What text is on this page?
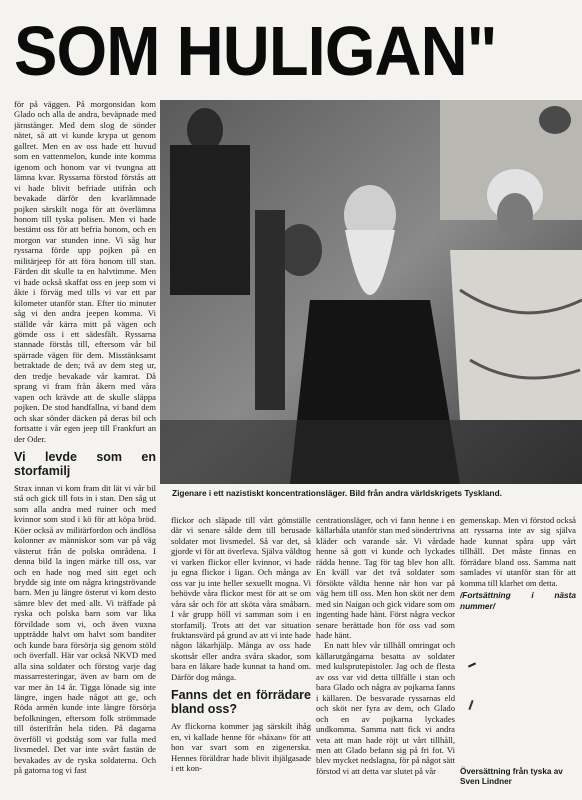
SOM HULIGAN"

för på väggen. På morgonsidan kom Glado och alla de andra, beväpnade med järnstänger. Med dem slog de sönder nätet, så att vi kunde krypa ut genom gallret. Men en av oss hade ett huvud som en vattenmelon, kunde inte komma igenom och honom var vi tvungna att lämna kvar. Ryssarna förstod förstås att vi hade blivit befriade utifrån och bevakade därför den kvarlämnade pojken särskilt noga för att överlämna honom till tyska polisen. Men vi hade bestämt oss för att befria honom, och en morgon var stunden inne. Vi såg hur ryssarna förde upp pojken på en militärjeep för att föra honom till stan. Färden dit skulle ta en halvtimme. Men vi hade också skaffat oss en jeep som vi åkte i förväg med tills vi var ett par kilometer utanför stan. Efter tio minuter såg vi den andra jeepen komma. Vi ställde vår kärra mitt på vägen och gömde oss i ett sädesfält. Ryssarna stannade förstås till, eftersom vår bil spärrade vägen för dem. Misstänksamt betraktade de den; två av dem steg ur, den tredje bevakade vår kamrat. Då sprang vi fram från åkern med våra vapen och krävde att de skulle släppa pojken. De stod handfallna, vi band dem och skar sönder däcken på deras bil och fortsatte i vår egen jeep till Frankfurt an der Oder.

Vi levde som en storfamilj

Strax innan vi kom fram dit lät vi vår bil stå och gick till fots in i stan. Den såg ut som alla andra med ruiner och med kvinnor som stod i kö för att köpa bröd. Köer också av militärfordon och ändlösa kolonner av människor som var på väg västerut från de polska områdena. I denna bild la ingen märke till oss, var och en hade nog med sitt eget och brydde sig inte om några kringströvande barn. Men ju längre österut vi kom desto sämre blev det med allt. Vi träffade på ryska och polska barn som var lika förvildade som vi, och även vuxna uppträdde halvt om halvt som banditer och kunde bara försörja sig genom stöld och överfall. Här var också NKVD med alla sina soldater och förstog varje dag massarresteringar, även av barn om de var mer än 14 år. Tigga lönade sig inte längre, ingen hade något att ge, och Röda armén kunde inte längre försörja befolkningen, eftersom folk strömmade till österifrån hela tiden. På dagarna överföll vi godståg som var fulla med livsmedel. Det var inte svårt fastän de bevakades av de ryska soldaterna. Och på gatorna tog vi fast

Zigenare i ett nazistiskt koncentrationsläger. Bild från andra världskrigets Tyskland.

flickor och släpade till vårt gömställe där vi senare sålde dem till berusade soldater mot livsmedel. Så var det, så gjorde vi för att överleva. Själva våldtog vi varken flickor eller kvinnor, vi hade ju egna flickor i ligan. Och många av oss var ju inte heller sexuellt mogna. Vi behövde våra flickor mest för att se om våra sår och för att sköta våra småbarn. I vår grupp höll vi samman som i en storfamilj. Trots att det var situation fruktansvärd på grund av att vi inte hade någon läkarhjälp. Många av oss hade skottsår eller andra svåra skador, som bara en läkare hade kunnat ta hand om. Därför dog många.

Fanns det en förrädare bland oss?

Av flickorna kommer jag särskilt ihåg en, vi kallade henne för »häxan» för att hon var svart som en zigenerska. Hennes föräldrar hade blivit ihjälgasade i ett kon-

centrationsläger, och vi fann henne i en källarhåla utanför stan med söndertrivna kläder och varande sår. Vi vårdade henne så gott vi kunde och lyckades rädda henne. Tag för tag blev hon allt. En kväll var det två soldater som försökte våldta henne när hon var på väg hem till oss. Men hon sköt ner dem med sin Naigan och gick vidare som om ingenting hade hänt. Först några veckor senare berättade hon för oss vad som hade hänt.

En natt blev vår tillhåll omringat och källarutgångarna besatta av soldater med kulsprutepistoler. Jag och de flesta av oss var vid detta tillfälle i stan och bara Glado och några av pojkarna fanns i källaren. De besvarade ryssarnas eld och sköt ner fyra av dem, och Glado och en av pojkarna lyckades undkomma. Samma natt fick vi andra veta att man hade röjt ut vårt tillhåll, men att Glado befann sig på fri fot. Vi blev mycket nedslagna, för på något sätt förstod vi att detta var slutet på vår

gemenskap. Men vi förstod också att ryssarna inte av sig själva hade kunnat spåra upp vårt tillhåll. Det måste finnas en förrädare bland oss. Samma natt samlades vi utanför stan för att komma till klarhet om detta.

/Fortsättning i nästa nummer/
Översättning från tyska av Sven Lindner
